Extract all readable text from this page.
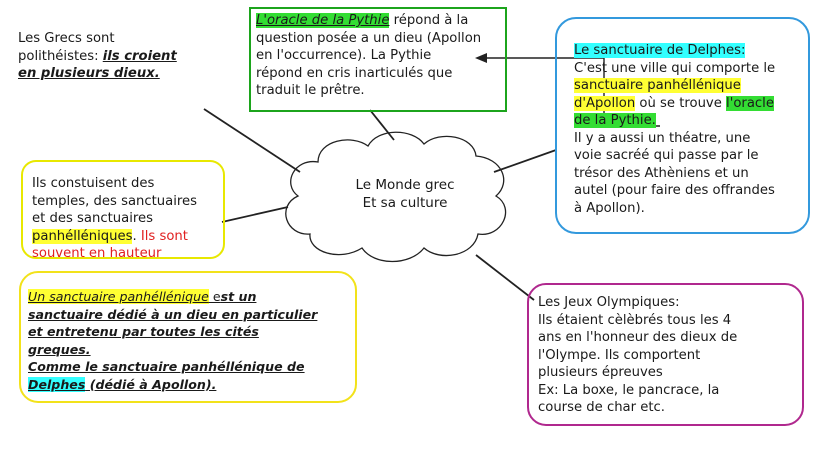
Le Monde grec
Et sa culture
Les Grecs sont
polithéistes: ils croient
en plusieurs dieux.
L'oracle de la Pythie répond à la
question posée a un dieu (Apollon
en l'occurrence). La Pythie
répond en cris inarticulés que
traduit le prêtre.
Le sanctuaire de Delphes:
C'est une ville qui comporte le
sanctuaire panhéllénique
d'Apollon où se trouve l'oracle
de la Pythie.
Il y a aussi un théatre, une
voie sacréé qui passe par le
trésor des Athèniens et un
autel (pour faire des offrandes
à Apollon).
Ils constuisent des
temples, des sanctuaires
et des sanctuaires
panhélléniques. Ils sont
souvent en hauteur
Un sanctuaire panhéllénique est un
sanctuaire dédié à un dieu en particulier
et entretenu par toutes les cités
greques.
Comme le sanctuaire panhéllénique de
Delphes (dédié à Apollon).
Les Jeux Olympiques:
Ils étaient cèlèbrés tous les 4
ans en l'honneur des dieux de
l'Olympe. Ils comportent
plusieurs épreuves
Ex: La boxe, le pancrace, la
course de char etc.
